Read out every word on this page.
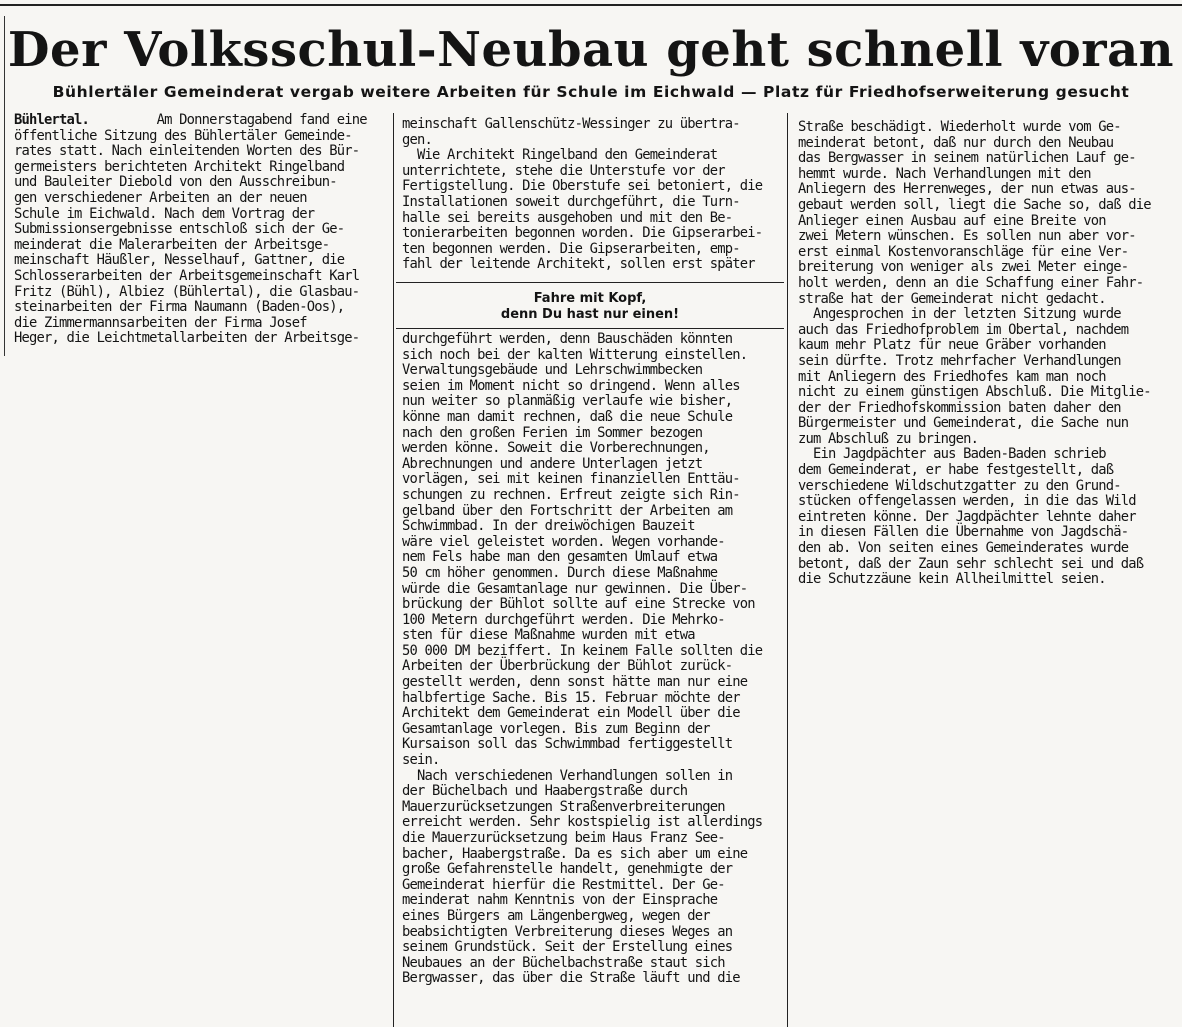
Der Volksschul-Neubau geht schnell voran

Bühlertäler Gemeinderat vergab weitere Arbeiten für Schule im Eichwald — Platz für Friedhofserweiterung gesucht

Bühlertal.	Am Donnerstagabend fand eine
öffentliche Sitzung des Bühlertäler Gemeinde-
rates statt. Nach einleitenden Worten des Bür-
germeisters berichteten Architekt Ringelband
und Bauleiter Diebold von den Ausschreibun-
gen verschiedener Arbeiten an der neuen
Schule im Eichwald. Nach dem Vortrag der
Submissionsergebnisse entschloß sich der Ge-
meinderat die Malerarbeiten der Arbeitsge-
meinschaft Häußler, Nesselhauf, Gattner, die
Schlosserarbeiten der Arbeitsgemeinschaft Karl
Fritz (Bühl), Albiez (Bühlertal), die Glasbau-
steinarbeiten der Firma Naumann (Baden-Oos),
die Zimmermannsarbeiten der Firma Josef
Heger, die Leichtmetallarbeiten der Arbeitsge-
meinschaft Gallenschütz-Wessinger zu übertra-
gen.
Wie Architekt Ringelband den Gemeinderat
unterrichtete, stehe die Unterstufe vor der
Fertigstellung. Die Oberstufe sei betoniert, die
Installationen soweit durchgeführt, die Turn-
halle sei bereits ausgehoben und mit den Be-
tonierarbeiten begonnen worden. Die Gipserarbei-
ten begonnen werden. Die Gipserarbeiten, emp-
fahl der leitende Architekt, sollen erst später
Fahre mit Kopf,
denn Du hast nur einen!
durchgeführt werden, denn Bauschäden könnten
sich noch bei der kalten Witterung einstellen.
Verwaltungsgebäude und Lehrschwimmbecken
seien im Moment nicht so dringend. Wenn alles
nun weiter so planmäßig verlaufe wie bisher,
könne man damit rechnen, daß die neue Schule
nach den großen Ferien im Sommer bezogen
werden könne. Soweit die Vorberechnungen,
Abrechnungen und andere Unterlagen jetzt
vorlägen, sei mit keinen finanziellen Enttäu-
schungen zu rechnen. Erfreut zeigte sich Rin-
gelband über den Fortschritt der Arbeiten am
Schwimmbad. In der dreiwöchigen Bauzeit
wäre viel geleistet worden. Wegen vorhande-
nem Fels habe man den gesamten Umlauf etwa
50 cm höher genommen. Durch diese Maßnahme
würde die Gesamtanlage nur gewinnen. Die Über-
brückung der Bühlot sollte auf eine Strecke von
100 Metern durchgeführt werden. Die Mehrko-
sten für diese Maßnahme wurden mit etwa
50 000 DM beziffert. In keinem Falle sollten die
Arbeiten der Überbrückung der Bühlot zurück-
gestellt werden, denn sonst hätte man nur eine
halbfertige Sache. Bis 15. Februar möchte der
Architekt dem Gemeinderat ein Modell über die
Gesamtanlage vorlegen. Bis zum Beginn der
Kursaison soll das Schwimmbad fertiggestellt
sein.
Nach verschiedenen Verhandlungen sollen in
der Büchelbach und Haabergstraße durch
Mauerzurücksetzungen Straßenverbreiterungen
erreicht werden. Sehr kostspielig ist allerdings
die Mauerzurücksetzung beim Haus Franz See-
bacher, Haabergstraße. Da es sich aber um eine
große Gefahrenstelle handelt, genehmigte der
Gemeinderat hierfür die Restmittel. Der Ge-
meinderat nahm Kenntnis von der Einsprache
eines Bürgers am Längenbergweg, wegen der
beabsichtigten Verbreiterung dieses Weges an
seinem Grundstück. Seit der Erstellung eines
Neubaues an der Büchelbachstraße staut sich
Bergwasser, das über die Straße läuft und die
Straße beschädigt. Wiederholt wurde vom Ge-
meinderat betont, daß nur durch den Neubau
das Bergwasser in seinem natürlichen Lauf ge-
hemmt wurde. Nach Verhandlungen mit den
Anliegern des Herrenweges, der nun etwas aus-
gebaut werden soll, liegt die Sache so, daß die
Anlieger einen Ausbau auf eine Breite von
zwei Metern wünschen. Es sollen nun aber vor-
erst einmal Kostenvoranschläge für eine Ver-
breiterung von weniger als zwei Meter einge-
holt werden, denn an die Schaffung einer Fahr-
straße hat der Gemeinderat nicht gedacht.
Angesprochen in der letzten Sitzung wurde
auch das Friedhofproblem im Obertal, nachdem
kaum mehr Platz für neue Gräber vorhanden
sein dürfte. Trotz mehrfacher Verhandlungen
mit Anliegern des Friedhofes kam man noch
nicht zu einem günstigen Abschluß. Die Mitglie-
der der Friedhofskommission baten daher den
Bürgermeister und Gemeinderat, die Sache nun
zum Abschluß zu bringen.
Ein Jagdpächter aus Baden-Baden schrieb
dem Gemeinderat, er habe festgestellt, daß
verschiedene Wildschutzgatter zu den Grund-
stücken offengelassen werden, in die das Wild
eintreten könne. Der Jagdpächter lehnte daher
in diesen Fällen die Übernahme von Jagdschä-
den ab. Von seiten eines Gemeinderates wurde
betont, daß der Zaun sehr schlecht sei und daß
die Schutzzäune kein Allheilmittel seien.
